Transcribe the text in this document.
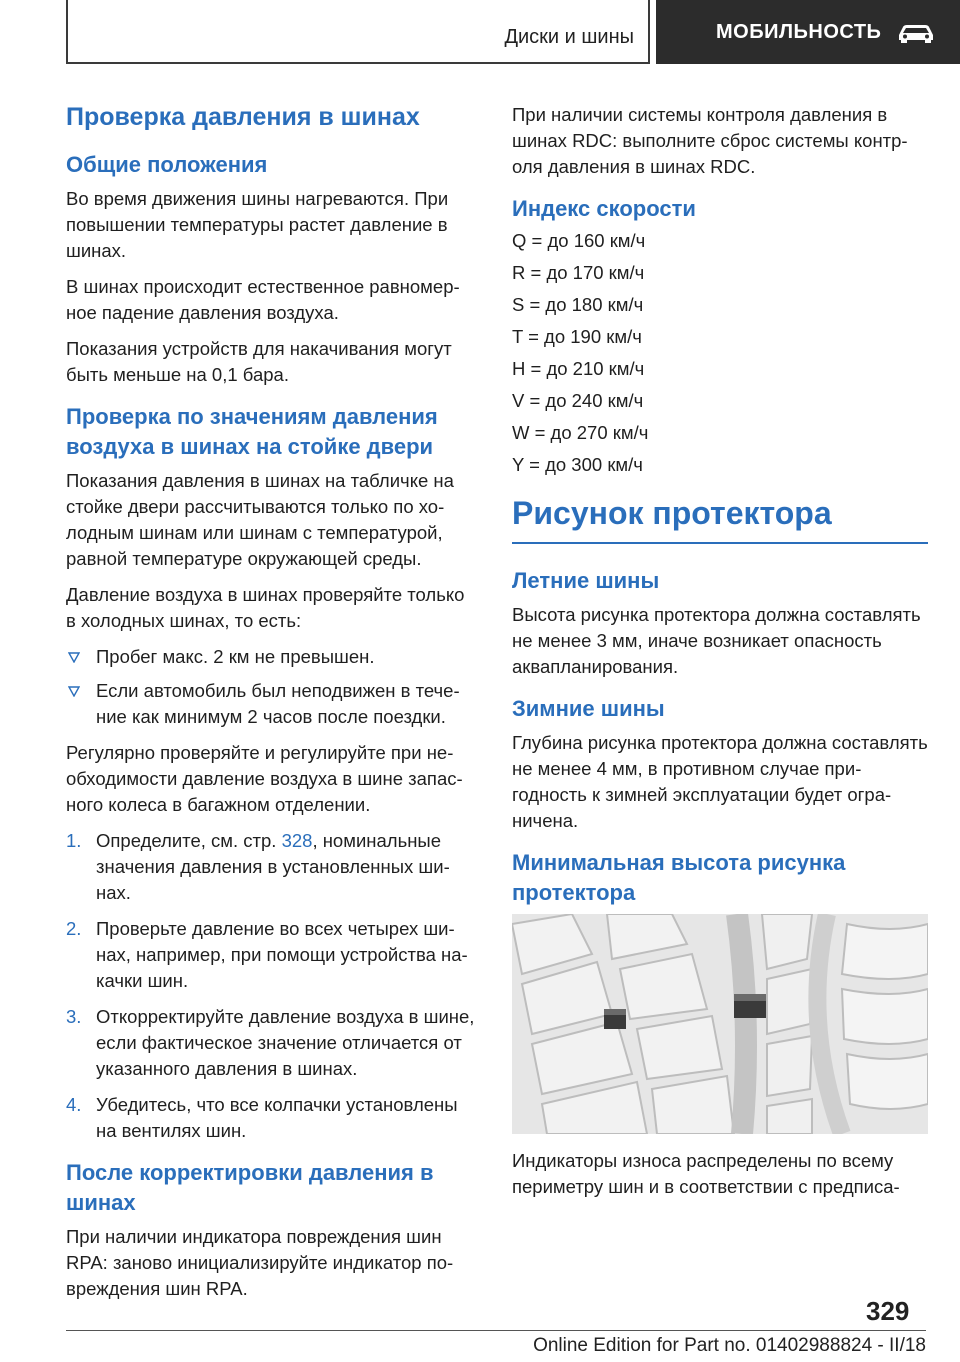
Диски и шины	МОБИЛЬНОСТЬ
Проверка давления в шинах
Общие положения

Во время движения шины нагреваются. При повышении температуры растет давление в шинах.

В шинах происходит естественное равномерное падение давления воздуха.

Показания устройств для накачивания могут быть меньше на 0,1 бара.

Проверка по значениям давления воздуха в шинах на стойке двери

Показания давления в шинах на табличке на стойке двери рассчитываются только по холодным шинам или шинам с температурой, равной температуре окружающей среды.

Давление воздуха в шинах проверяйте только в холодных шинах, то есть:

Пробег макс. 2 км не превышен.
Если автомобиль был неподвижен в течение как минимум 2 часов после поездки.

Регулярно проверяйте и регулируйте при необходимости давление воздуха в шине запасного колеса в багажном отделении.

1. Определите, см. стр. 328, номинальные значения давления в установленных шинах.
2. Проверьте давление во всех четырех шинах, например, при помощи устройства накачки шин.
3. Откорректируйте давление воздуха в шине, если фактическое значение отличается от указанного давления в шинах.
4. Убедитесь, что все колпачки установлены на вентилях шин.
После корректировки давления в шинах

При наличии индикатора повреждения шин RPA: заново инициализируйте индикатор повреждения шин RPA.

При наличии системы контроля давления в шинах RDC: выполните сброс системы контроля давления в шинах RDC.

Индекс скорости
Q = до 160 км/ч
R = до 170 км/ч
S = до 180 км/ч
T = до 190 км/ч
H = до 210 км/ч
V = до 240 км/ч
W = до 270 км/ч
Y = до 300 км/ч
Рисунок протектора
Летние шины

Высота рисунка протектора должна составлять не менее 3 мм, иначе возникает опасность аквапланирования.

Зимние шины

Глубина рисунка протектора должна составлять не менее 4 мм, в противном случае пригодность к зимней эксплуатации будет ограничена.

Минимальная высота рисунка протектора

Индикаторы износа распределены по всему периметру шин и в соответствии с предписа-

329
Online Edition for Part no. 01402988824 - II/18
